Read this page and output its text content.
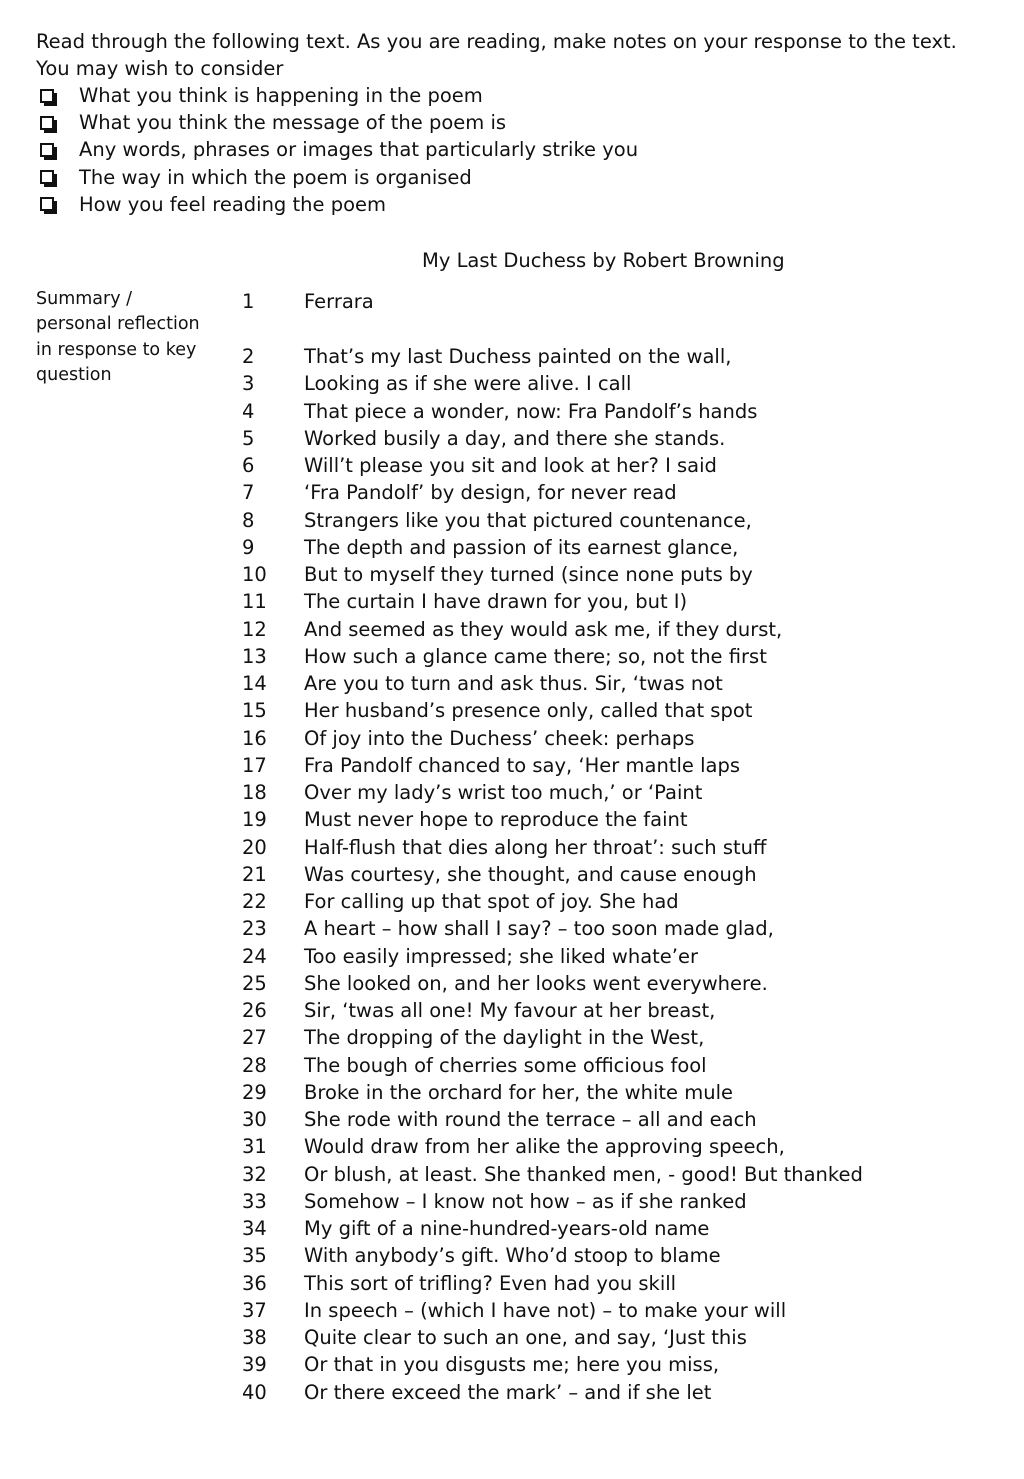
Read through the following text. As you are reading, make notes on your response to the text.
You may wish to consider
What you think is happening in the poem
What you think the message of the poem is
Any words, phrases or images that particularly strike you
The way in which the poem is organised
How you feel reading the poem
My Last Duchess by Robert Browning
Summary /
personal reflection
in response to key
question
1	Ferrara
2	That’s my last Duchess painted on the wall,
3	Looking as if she were alive. I call
4	That piece a wonder, now: Fra Pandolf’s hands
5	Worked busily a day, and there she stands.
6	Will’t please you sit and look at her? I said
7	‘Fra Pandolf’ by design, for never read
8	Strangers like you that pictured countenance,
9	The depth and passion of its earnest glance,
10	But to myself they turned (since none puts by
11	The curtain I have drawn for you, but I)
12	And seemed as they would ask me, if they durst,
13	How such a glance came there; so, not the first
14	Are you to turn and ask thus. Sir, ‘twas not
15	Her husband’s presence only, called that spot
16	Of joy into the Duchess’ cheek: perhaps
17	Fra Pandolf chanced to say, ‘Her mantle laps
18	Over my lady’s wrist too much,’ or ‘Paint
19	Must never hope to reproduce the faint
20	Half-flush that dies along her throat’: such stuff
21	Was courtesy, she thought, and cause enough
22	For calling up that spot of joy. She had
23	A heart – how shall I say? – too soon made glad,
24	Too easily impressed; she liked whate’er
25	She looked on, and her looks went everywhere.
26	Sir, ‘twas all one! My favour at her breast,
27	The dropping of the daylight in the West,
28	The bough of cherries some officious fool
29	Broke in the orchard for her, the white mule
30	She rode with round the terrace – all and each
31	Would draw from her alike the approving speech,
32	Or blush, at least. She thanked men, - good! But thanked
33	Somehow – I know not how – as if she ranked
34	My gift of a nine-hundred-years-old name
35	With anybody’s gift. Who’d stoop to blame
36	This sort of trifling? Even had you skill
37	In speech – (which I have not) – to make your will
38	Quite clear to such an one, and say, ‘Just this
39	Or that in you disgusts me; here you miss,
40	Or there exceed the mark’ – and if she let
